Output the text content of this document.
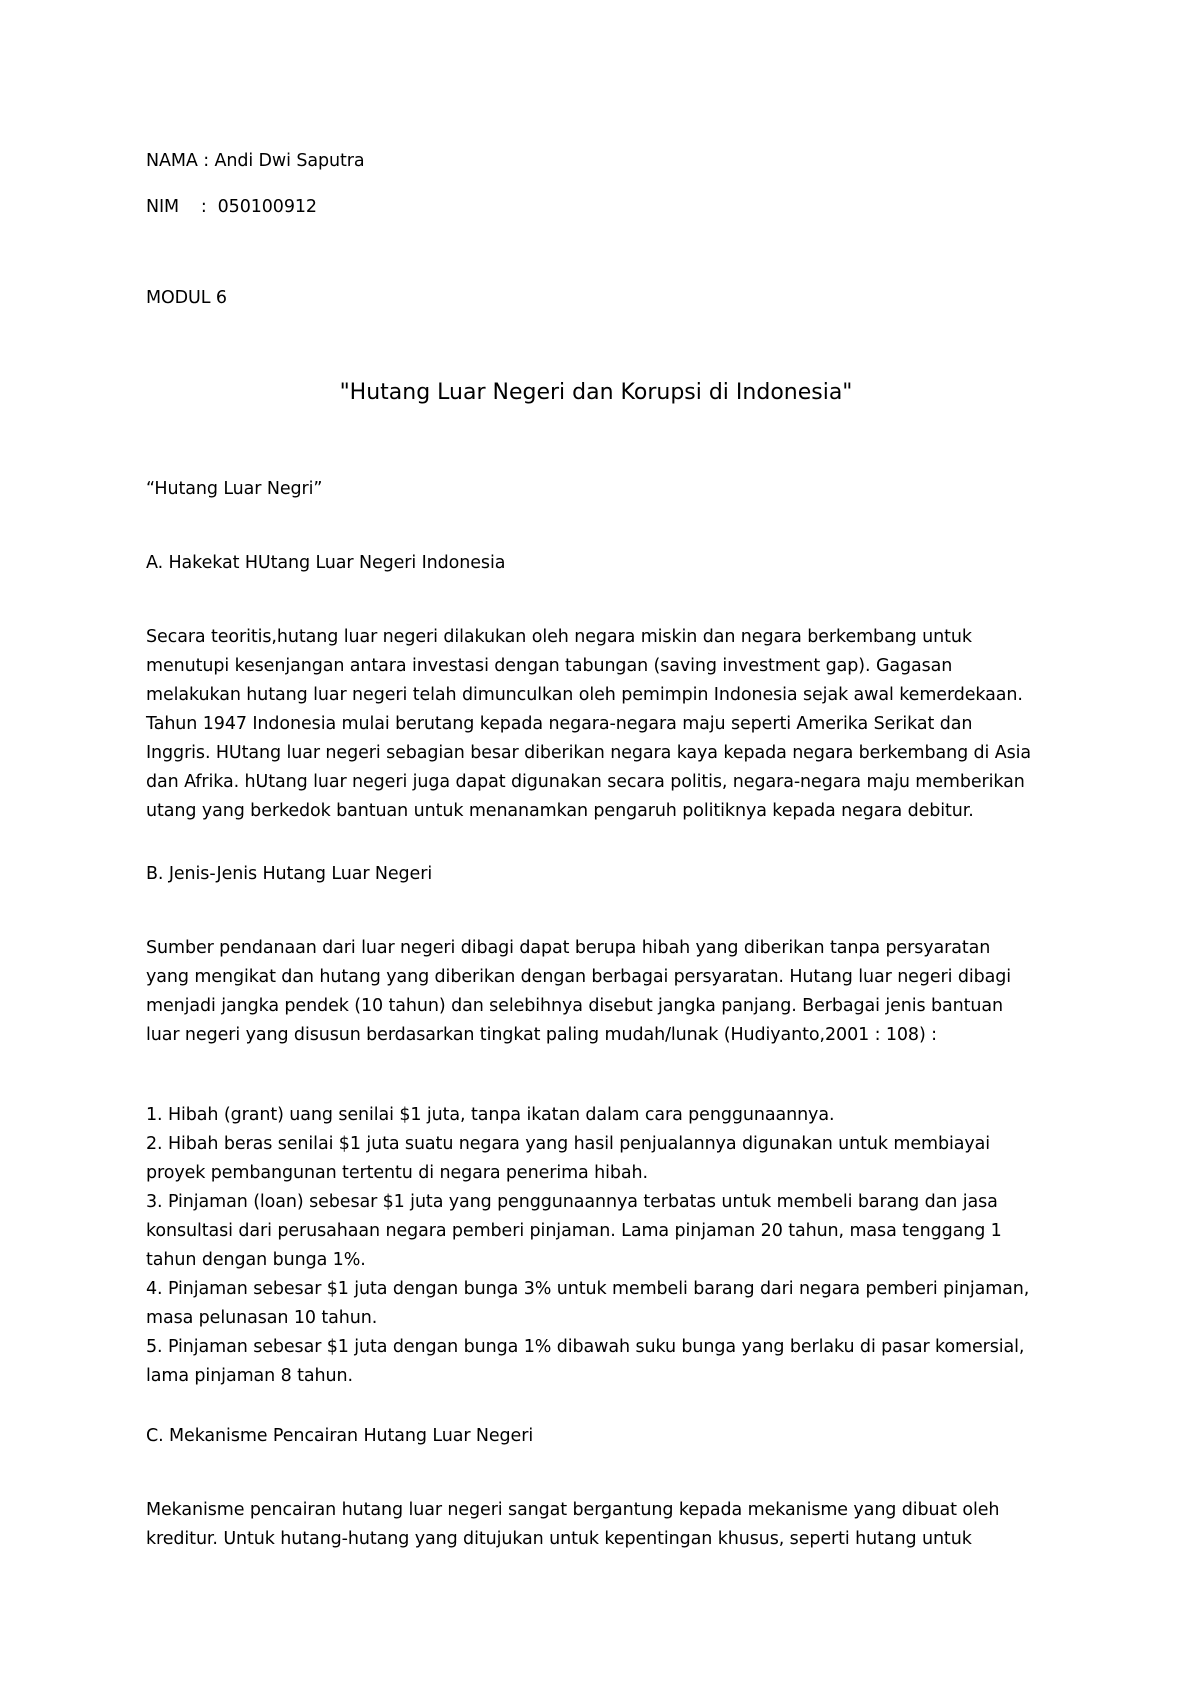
NAMA : Andi Dwi Saputra

NIM    :  050100912

MODUL 6

"Hutang Luar Negeri dan Korupsi di Indonesia"

“Hutang Luar Negri”

A. Hakekat HUtang Luar Negeri Indonesia

Secara teoritis,hutang luar negeri dilakukan oleh negara miskin dan negara berkembang untuk
menutupi kesenjangan antara investasi dengan tabungan (saving investment gap). Gagasan
melakukan hutang luar negeri telah dimunculkan oleh pemimpin Indonesia sejak awal kemerdekaan.
Tahun 1947 Indonesia mulai berutang kepada negara-negara maju seperti Amerika Serikat dan
Inggris. HUtang luar negeri sebagian besar diberikan negara kaya kepada negara berkembang di Asia
dan Afrika. hUtang luar negeri juga dapat digunakan secara politis, negara-negara maju memberikan
utang yang berkedok bantuan untuk menanamkan pengaruh politiknya kepada negara debitur.

B. Jenis-Jenis Hutang Luar Negeri

Sumber pendanaan dari luar negeri dibagi dapat berupa hibah yang diberikan tanpa persyaratan
yang mengikat dan hutang yang diberikan dengan berbagai persyaratan. Hutang luar negeri dibagi
menjadi jangka pendek (10 tahun) dan selebihnya disebut jangka panjang. Berbagai jenis bantuan
luar negeri yang disusun berdasarkan tingkat paling mudah/lunak (Hudiyanto,2001 : 108) :
1. Hibah (grant) uang senilai $1 juta, tanpa ikatan dalam cara penggunaannya.
2. Hibah beras senilai $1 juta suatu negara yang hasil penjualannya digunakan untuk membiayai
proyek pembangunan tertentu di negara penerima hibah.
3. Pinjaman (loan) sebesar $1 juta yang penggunaannya terbatas untuk membeli barang dan jasa
konsultasi dari perusahaan negara pemberi pinjaman. Lama pinjaman 20 tahun, masa tenggang 1
tahun dengan bunga 1%.
4. Pinjaman sebesar $1 juta dengan bunga 3% untuk membeli barang dari negara pemberi pinjaman,
masa pelunasan 10 tahun.
5. Pinjaman sebesar $1 juta dengan bunga 1% dibawah suku bunga yang berlaku di pasar komersial,
lama pinjaman 8 tahun.

C. Mekanisme Pencairan Hutang Luar Negeri

Mekanisme pencairan hutang luar negeri sangat bergantung kepada mekanisme yang dibuat oleh
kreditur. Untuk hutang-hutang yang ditujukan untuk kepentingan khusus, seperti hutang untuk
